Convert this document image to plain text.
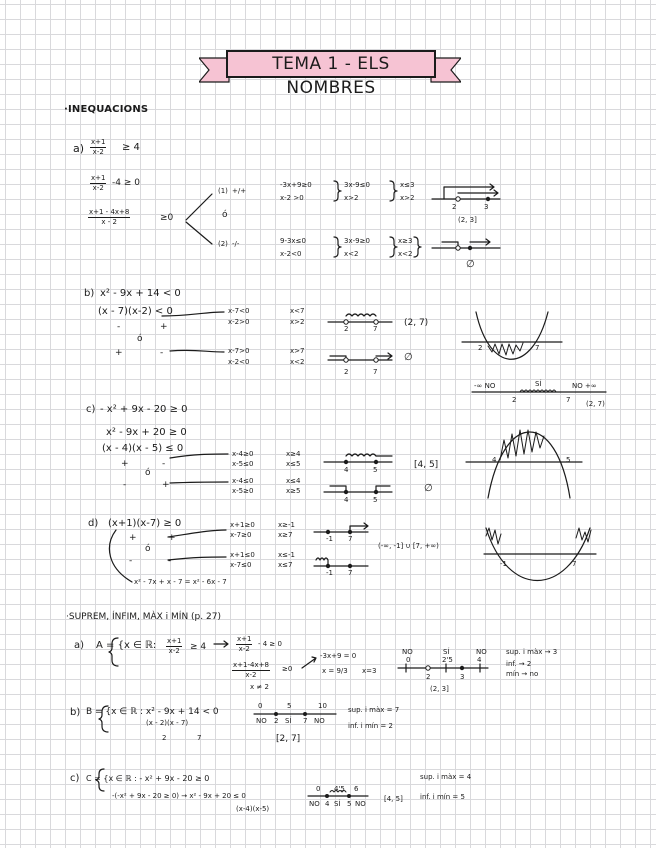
TEMA 1 - ELS NOMBRES
·INEQUACIONS
$a) \frac{x+1}{x-2} \ge 4$
$\frac{x+1}{x-2} -4 \ge 0$
$\frac{x+1 - 4x+8}{x - 2}$	≥0
(1) +/+
ó
(2) -/-
-3x+9≥0
x-2 >0
3x-9≤0
x>2
x≤3
x>2
9-3x≤0
x-2<0
3x-9≥0
x<2
x≥3
x<2
2	3
(2, 3]
∅
b) x² - 9x + 14 < 0
(x - 7)(x-2) < 0
-	+
ó
+	-
x-7<0
x-2>0
x<7
x>2
x-7>0
x-2<0
x>7
x<2
2	7
2	7
(2, 7)
∅
2	7
-∞ NO	SÍ	NO +∞
2	7 (2, 7)
c) - x² + 9x - 20 ≥ 0
x² - 9x + 20 ≥ 0
(x - 4)(x - 5) ≤ 0
+	-
ó
-	+
x-4≥0
x-5≤0
x≥4
x≤5
x-4≤0
x-5≥0
x≤4
x≥5
4	5
4	5
[4, 5]
∅
4	5
d) (x+1)(x-7) ≥ 0
+	+
ó
-	-
x+1≥0
x-7≥0
x≥-1
x≥7
x+1≤0
x-7≤0
x≤-1
x≤7
-1 7
-1 7
(-∞, -1] ∪ [7, +∞)
x² - 7x + x - 7 = x² - 6x - 7
-1	7
·SUPREM, ÍNFIM, MÀX i MÍN (p. 27)
a) A = {x ∈ ℝ: $\frac{x+1}{x-2} \ge 4$	$\frac{x+1}{x-2} - 4 \ge 0$
$\frac{x+1-4x+8}{x-2} \ge 0$
x ≠ 2
-3x+9 = 0
x = 9/3 x=3
NO
0
SÍ
2'5
NO
4
2	3
(2, 3]
sup. i màx → 3
inf. → 2
mín → no
b) B = {x ∈ ℝ : x² - 9x + 14 < 0
(x - 2)(x - 7)
2	7
0	5	10
NO 2 SÍ 7 NO
[2, 7]
sup. i màx = 7
inf. i mín = 2
c) C = {x ∈ ℝ : - x² + 9x - 20 ≥ 0
-(-x² + 9x - 20 ≥ 0) → x² - 9x + 20 ≤ 0
(x-4)(x-5)
0 4'5 6
NO 4 SÍ 5 NO
[4, 5]
sup. i màx = 4
inf. i mín = 5
